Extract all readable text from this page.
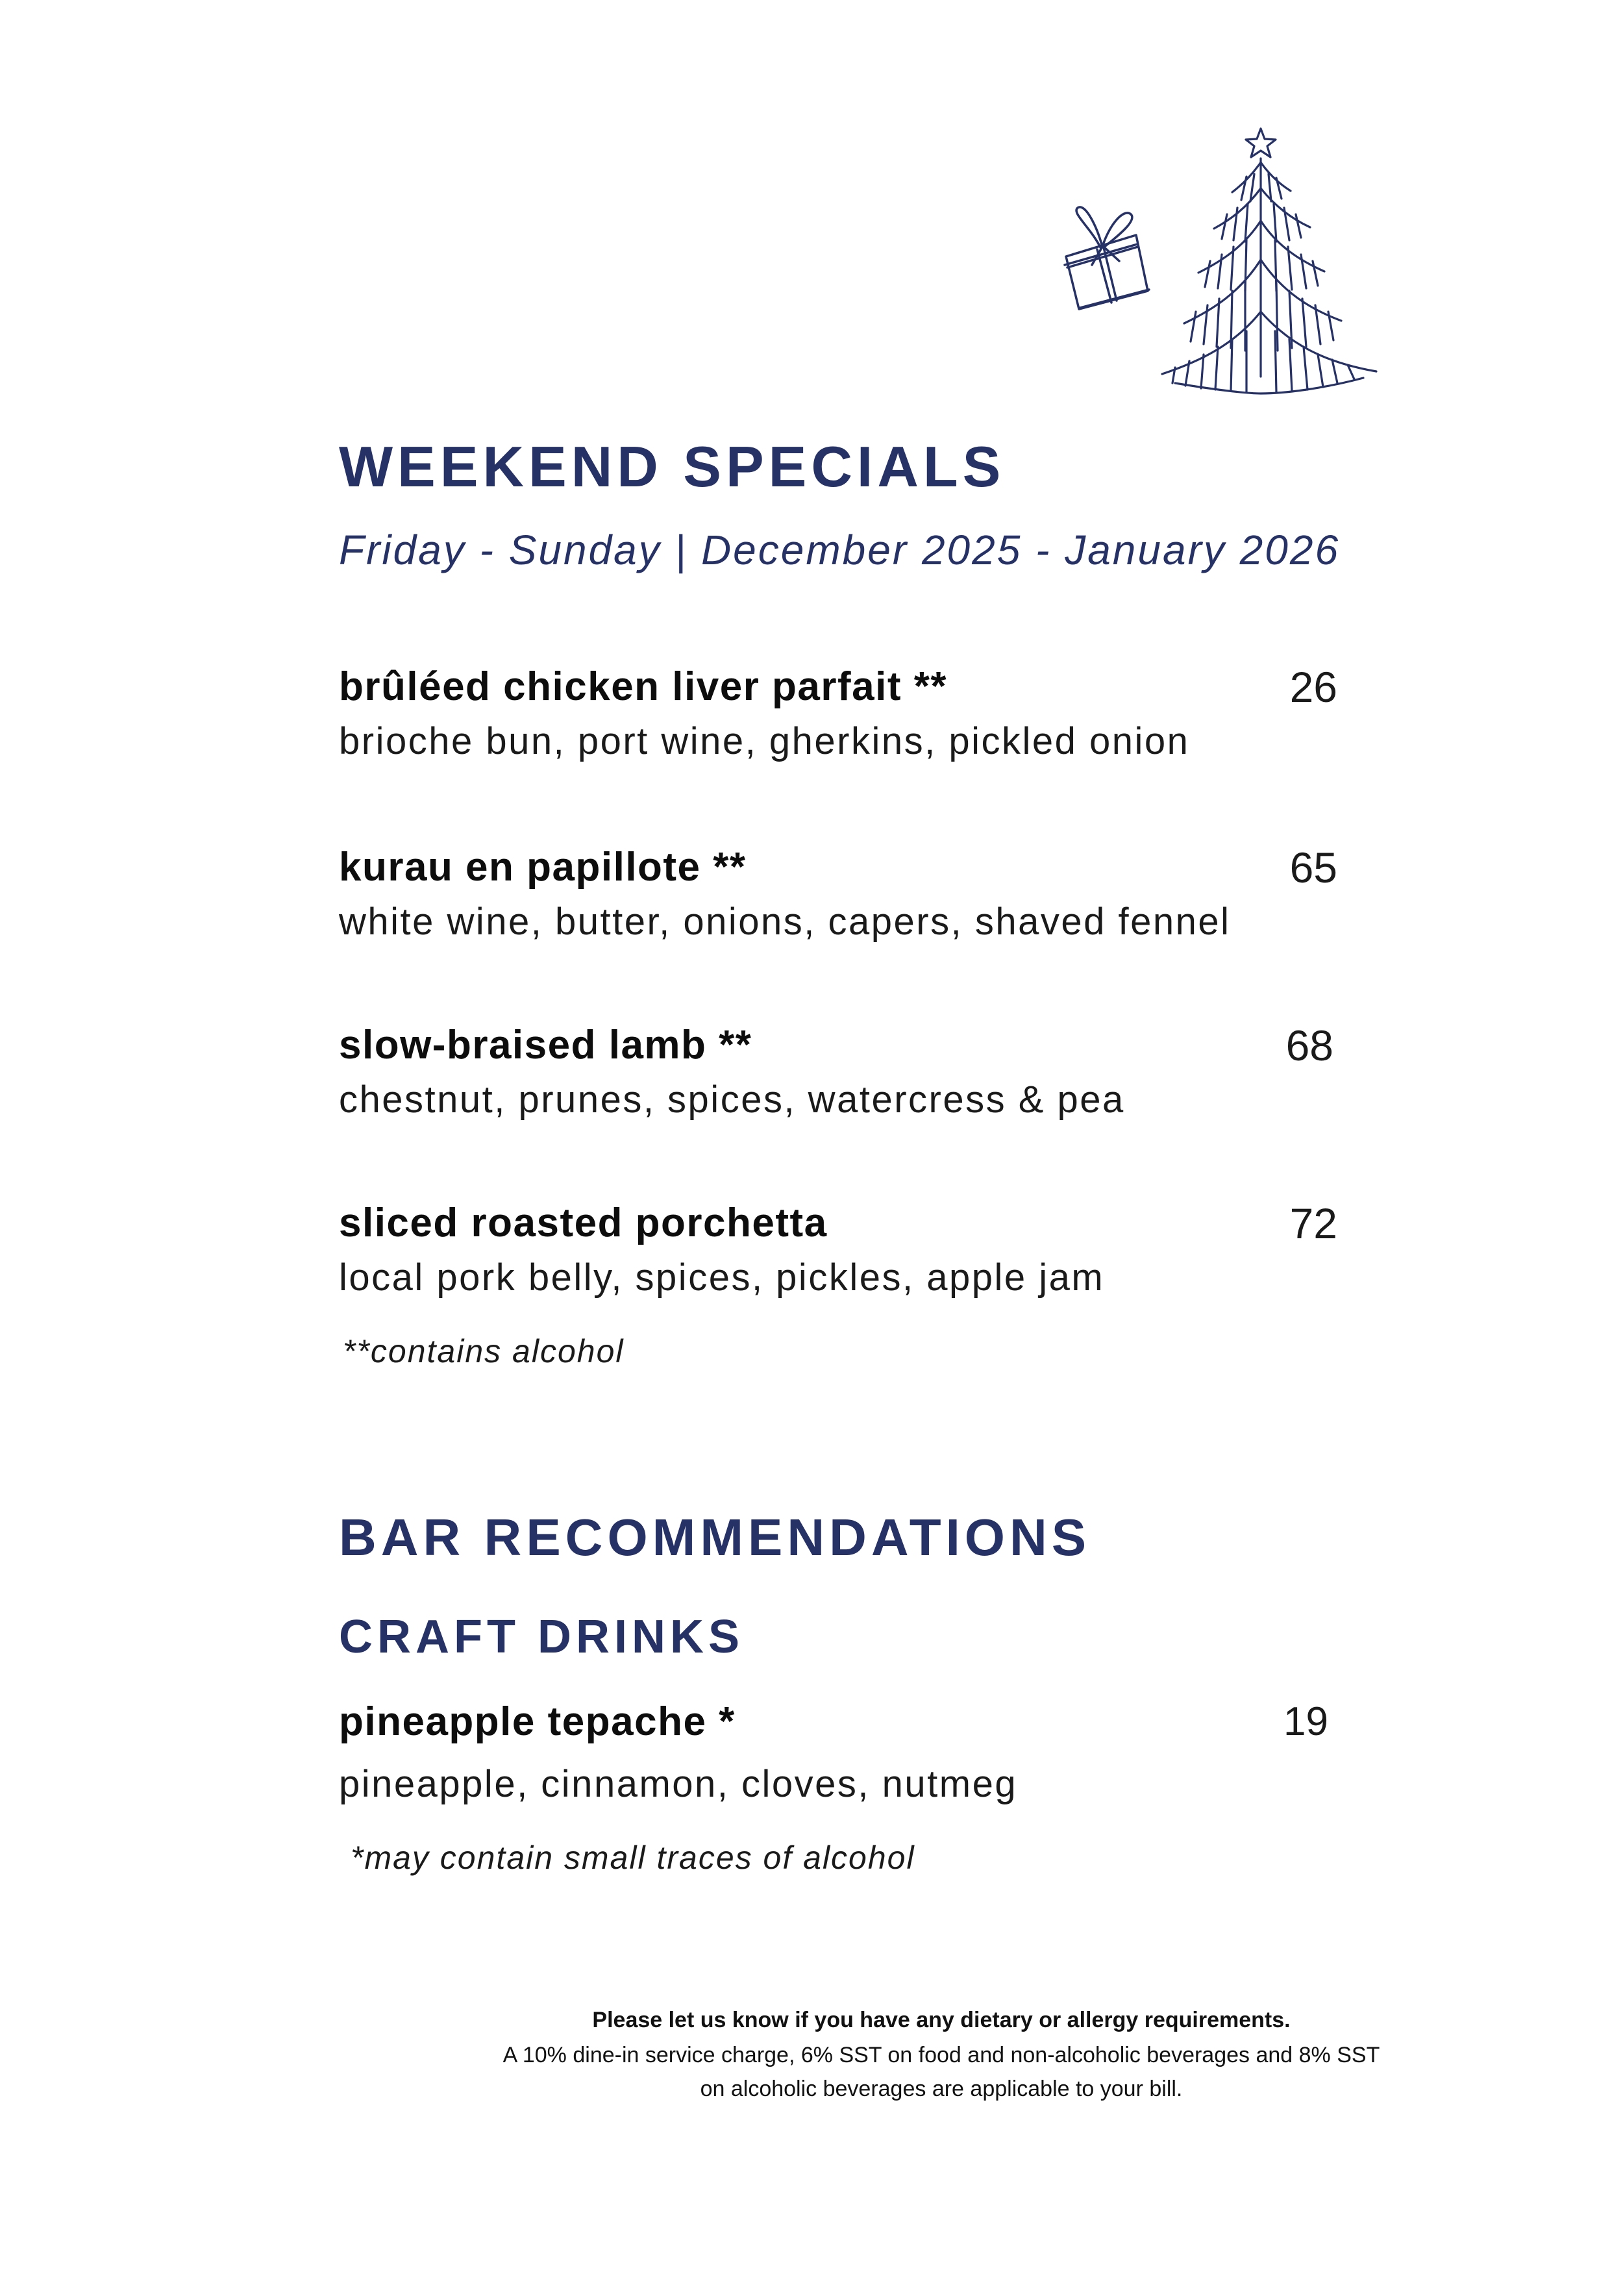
WEEKEND SPECIALS

Friday - Sunday | December 2025 - January 2026

brûléed chicken liver parfait **	26

brioche bun, port wine, gherkins, pickled onion

kurau en papillote **	65

white wine, butter, onions, capers, shaved fennel

slow-braised lamb **	68

chestnut, prunes, spices, watercress & pea

sliced roasted porchetta	72

local pork belly, spices, pickles, apple jam

**contains alcohol

BAR RECOMMENDATIONS
CRAFT DRINKS

pineapple tepache *	19

pineapple, cinnamon, cloves, nutmeg

*may contain small traces of alcohol

Please let us know if you have any dietary or allergy requirements.

A 10% dine-in service charge, 6% SST on food and non-alcoholic beverages and 8% SST

on alcoholic beverages are applicable to your bill.
